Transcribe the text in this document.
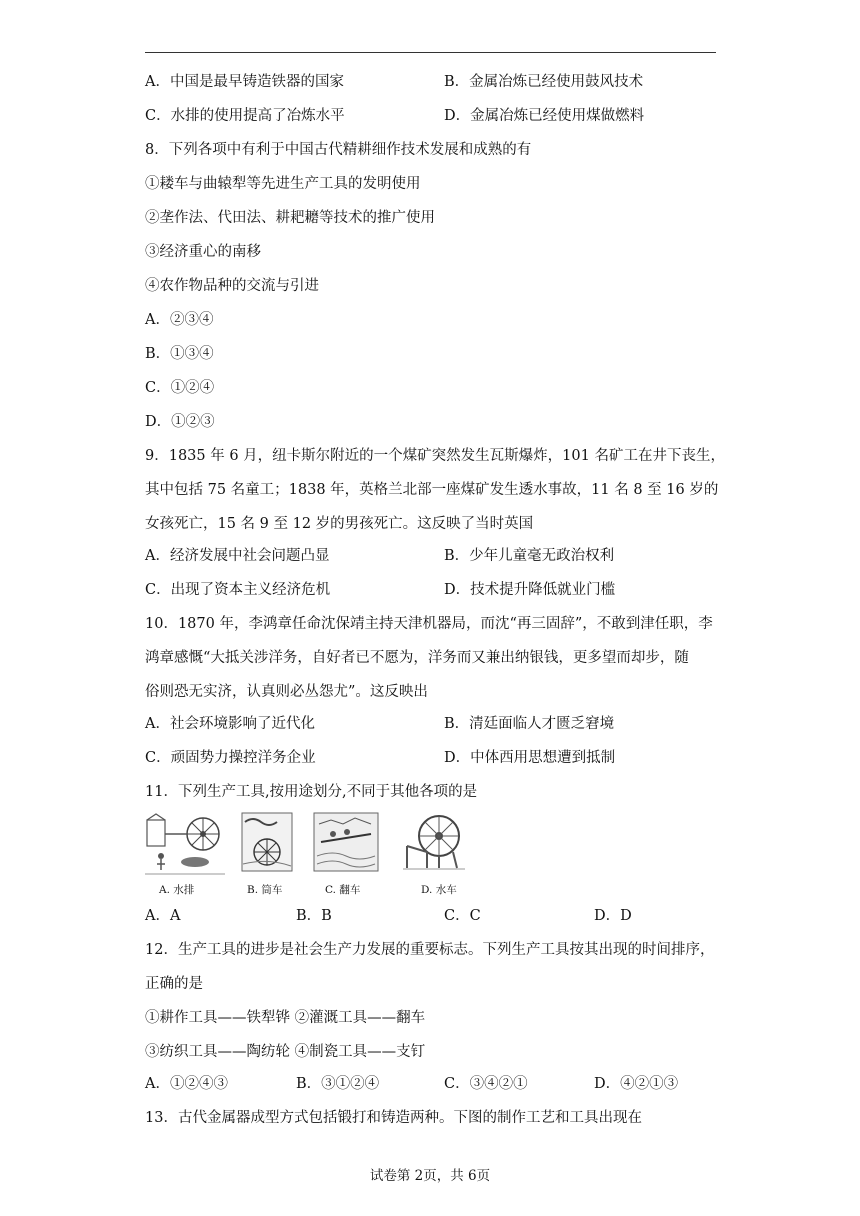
A．中国是最早铸造铁器的国家	B．金属冶炼已经使用鼓风技术
C．水排的使用提高了冶炼水平	D．金属冶炼已经使用煤做燃料
8．下列各项中有利于中国古代精耕细作技术发展和成熟的有
①耧车与曲辕犁等先进生产工具的发明使用
②垄作法、代田法、耕耙耱等技术的推广使用
③经济重心的南移
④农作物品种的交流与引进
A．②③④
B．①③④
C．①②④
D．①②③
9．1835 年 6 月，纽卡斯尔附近的一个煤矿突然发生瓦斯爆炸，101 名矿工在井下丧生，
其中包括 75 名童工；1838 年，英格兰北部一座煤矿发生透水事故，11 名 8 至 16 岁的
女孩死亡，15 名 9 至 12 岁的男孩死亡。这反映了当时英国
A．经济发展中社会问题凸显	B．少年儿童毫无政治权利
C．出现了资本主义经济危机	D．技术提升降低就业门槛
10．1870 年，李鸿章任命沈保靖主持天津机器局，而沈“再三固辞”，不敢到津任职，李
鸿章感慨“大抵关涉洋务，自好者已不愿为，洋务而又兼出纳银钱，更多望而却步，随
俗则恐无实济，认真则必丛怨尤”。这反映出
A．社会环境影响了近代化	B．清廷面临人才匮乏窘境
C．顽固势力操控洋务企业	D．中体西用思想遭到抵制
11．下列生产工具,按用途划分,不同于其他各项的是
A. 水排	B. 筒车	C. 翻车	D. 水车
A．A	B．B	C．C	D．D
12．生产工具的进步是社会生产力发展的重要标志。下列生产工具按其出现的时间排序，
正确的是
①耕作工具——铁犁铧 ②灌溉工具——翻车
③纺织工具——陶纺轮 ④制瓷工具——支钉
A．①②④③	B．③①②④	C．③④②①	D．④②①③
13．古代金属器成型方式包括锻打和铸造两种。下图的制作工艺和工具出现在
试卷第 2页，共 6页
